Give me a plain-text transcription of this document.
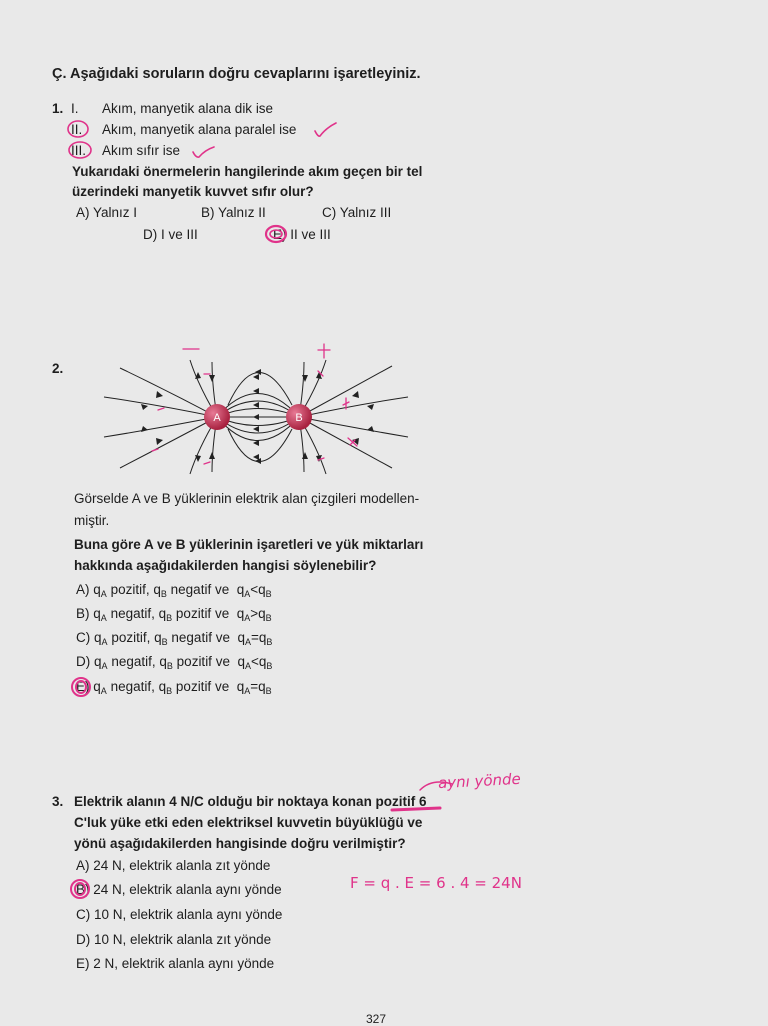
Ç. Aşağıdaki soruların doğru cevaplarını işaretleyiniz.
1. I. Akım, manyetik alana dik ise
II. Akım, manyetik alana paralel ise
III. Akım sıfır ise
Yukarıdaki önermelerin hangilerinde akım geçen bir tel
üzerindeki manyetik kuvvet sıfır olur?
A) Yalnız I	B) Yalnız II	C) Yalnız III
D) I ve III	E) II ve III
2.
A	B
Görselde A ve B yüklerinin elektrik alan çizgileri modellen-
miştir.
Buna göre A ve B yüklerinin işaretleri ve yük miktarları
hakkında aşağıdakilerden hangisi söylenebilir?
A) $q_A$ pozitif, $q_B$ negatif ve $q_A<q_B$
B) $q_A$ negatif, $q_B$ pozitif ve $q_A>q_B$
C) $q_A$ pozitif, $q_B$ negatif ve $q_A=q_B$
D) $q_A$ negatif, $q_B$ pozitif ve $q_A<q_B$
E) $q_A$ negatif, $q_B$ pozitif ve $q_A=q_B$
3. Elektrik alanın 4 N/C olduğu bir noktaya konan pozitif 6
C'luk yüke etki eden elektriksel kuvvetin büyüklüğü ve
yönü aşağıdakilerden hangisinde doğru verilmiştir?
A) 24 N, elektrik alanla zıt yönde
B) 24 N, elektrik alanla aynı yönde
C) 10 N, elektrik alanla aynı yönde
D) 10 N, elektrik alanla zıt yönde
E) 2 N, elektrik alanla aynı yönde
aynı yönde
F = q . E = 6 . 4 = 24N
327
